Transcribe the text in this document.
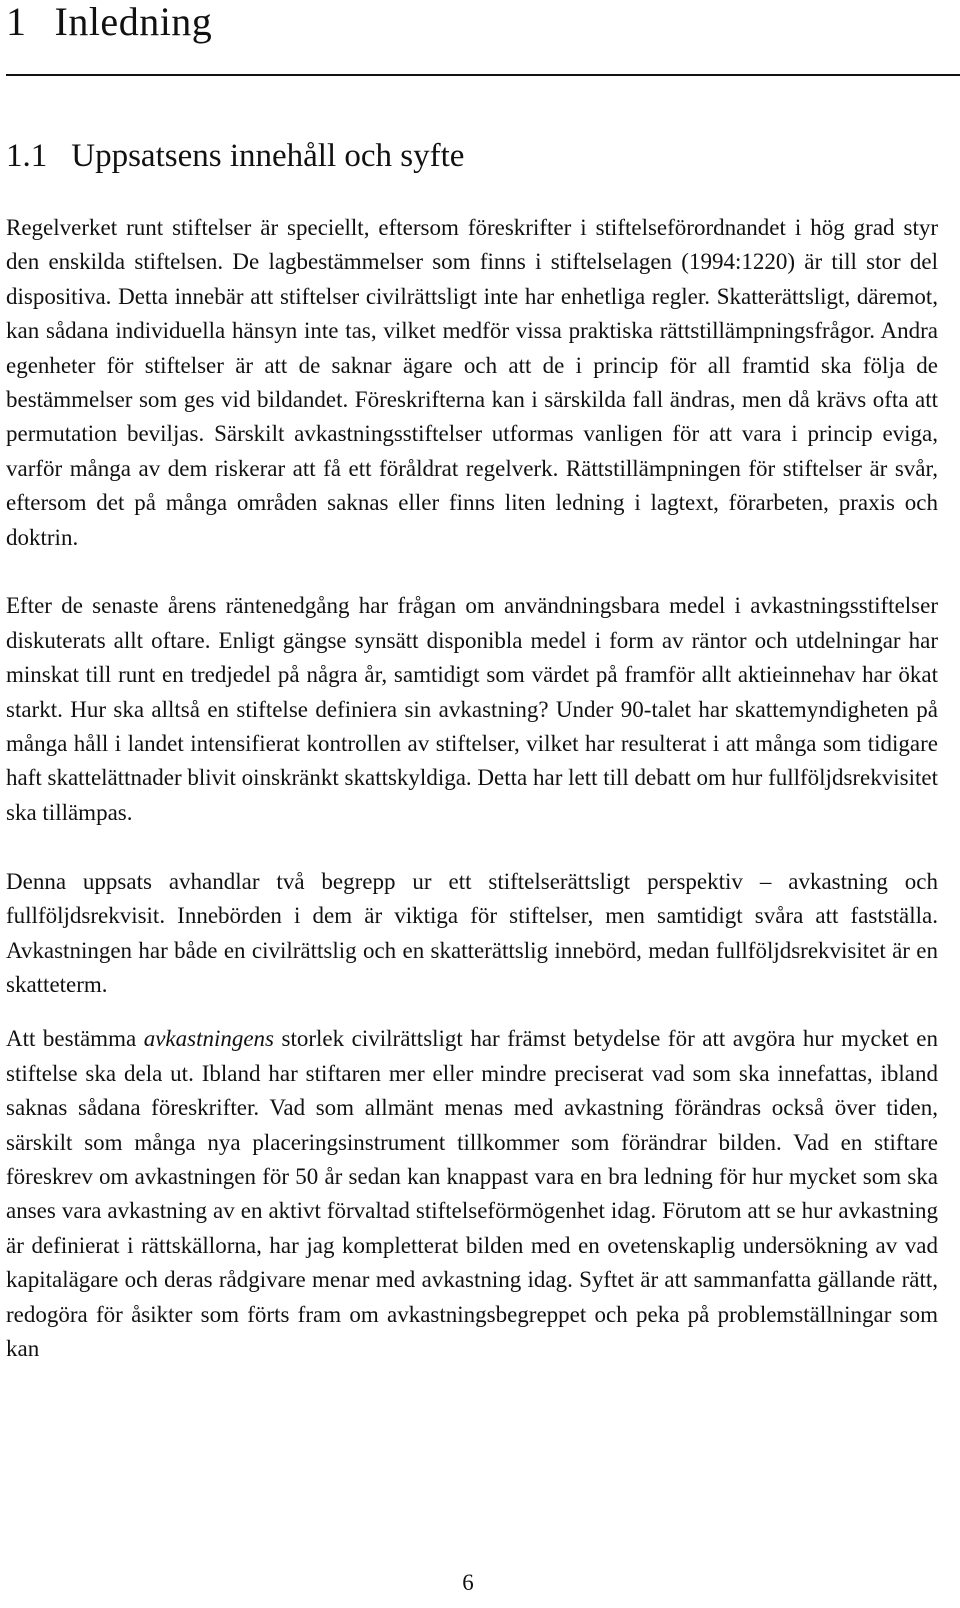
1 Inledning
1.1 Uppsatsens innehåll och syfte

Regelverket runt stiftelser är speciellt, eftersom föreskrifter i stiftelseförordnandet i hög grad styr den enskilda stiftelsen. De lagbestämmelser som finns i stiftelselagen (1994:1220) är till stor del dispositiva. Detta innebär att stiftelser civilrättsligt inte har enhetliga regler. Skatterättsligt, däremot, kan sådana individuella hänsyn inte tas, vilket medför vissa praktiska rättstillämpningsfrågor. Andra egenheter för stiftelser är att de saknar ägare och att de i princip för all framtid ska följa de bestämmelser som ges vid bildandet. Föreskrifterna kan i särskilda fall ändras, men då krävs ofta att permutation beviljas. Särskilt avkastningsstiftelser utformas vanligen för att vara i princip eviga, varför många av dem riskerar att få ett föråldrat regelverk. Rättstillämpningen för stiftelser är svår, eftersom det på många områden saknas eller finns liten ledning i lagtext, förarbeten, praxis och doktrin.

Efter de senaste årens räntenedgång har frågan om användningsbara medel i avkastningsstiftelser diskuterats allt oftare. Enligt gängse synsätt disponibla medel i form av räntor och utdelningar har minskat till runt en tredjedel på några år, samtidigt som värdet på framför allt aktieinnehav har ökat starkt. Hur ska alltså en stiftelse definiera sin avkastning? Under 90-talet har skattemyndigheten på många håll i landet intensifierat kontrollen av stiftelser, vilket har resulterat i att många som tidigare haft skattelättnader blivit oinskränkt skattskyldiga. Detta har lett till debatt om hur fullföljdsrekvisitet ska tillämpas.

Denna uppsats avhandlar två begrepp ur ett stiftelserättsligt perspektiv – avkastning och fullföljdsrekvisit. Innebörden i dem är viktiga för stiftelser, men samtidigt svåra att fastställa. Avkastningen har både en civilrättslig och en skatterättslig innebörd, medan fullföljdsrekvisitet är en skatteterm.

Att bestämma avkastningens storlek civilrättsligt har främst betydelse för att avgöra hur mycket en stiftelse ska dela ut. Ibland har stiftaren mer eller mindre preciserat vad som ska innefattas, ibland saknas sådana föreskrifter. Vad som allmänt menas med avkastning förändras också över tiden, särskilt som många nya placeringsinstrument tillkommer som förändrar bilden. Vad en stiftare föreskrev om avkastningen för 50 år sedan kan knappast vara en bra ledning för hur mycket som ska anses vara avkastning av en aktivt förvaltad stiftelseförmögenhet idag. Förutom att se hur avkastning är definierat i rättskällorna, har jag kompletterat bilden med en ovetenskaplig undersökning av vad kapitalägare och deras rådgivare menar med avkastning idag. Syftet är att sammanfatta gällande rätt, redogöra för åsikter som förts fram om avkastningsbegreppet och peka på problemställningar som kan

6
